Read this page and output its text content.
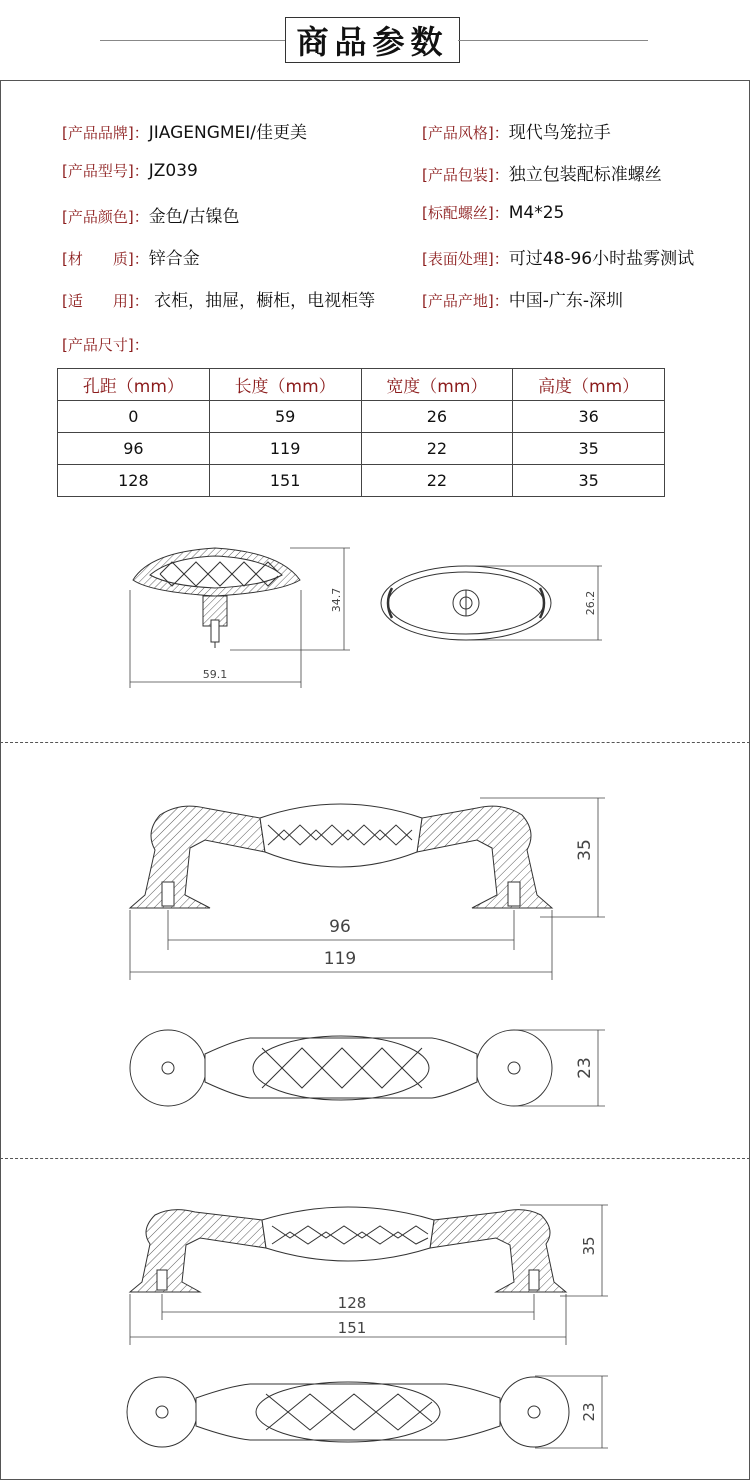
商品参数
[产品品牌]：JIAGENGMEI/佳更美	[产品风格]：现代鸟笼拉手
[产品型号]：JZ039	[产品包装]：独立包装配标准螺丝
[产品颜色]：金色/古镍色	[标配螺丝]：M4*25
[材　　质]：锌合金	[表面处理]：可过48-96小时盐雾测试
[适　　用]： 衣柜，抽屉，橱柜，电视柜等	[产品产地]：中国-广东-深圳
[产品尺寸]：
孔距（mm）	长度（mm）	宽度（mm）	高度（mm）
0	59	26	36
96	119	22	35
128	151	22	35
59.1
34.7	26.2
96
119
35
23
128
151
35
23
